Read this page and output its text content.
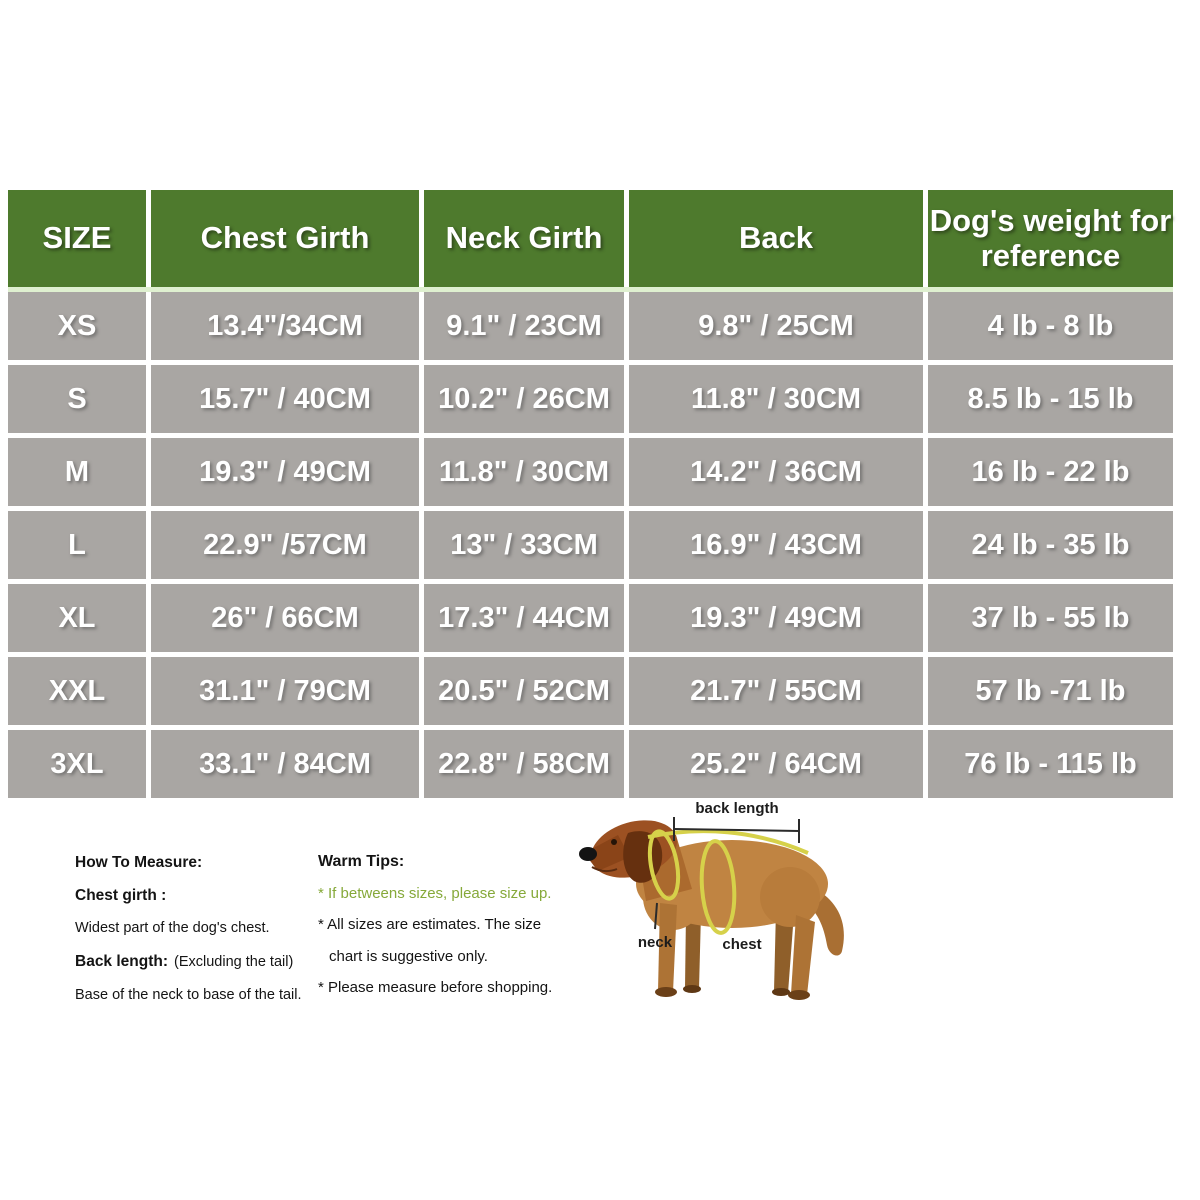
SIZE	Chest Girth	Neck Girth	Back	Dog's weight for reference
XS	13.4"/34CM	9.1" / 23CM	9.8" / 25CM	4 lb - 8 lb
S	15.7" / 40CM	10.2" / 26CM	11.8" / 30CM	8.5 lb - 15 lb
M	19.3" / 49CM	11.8" / 30CM	14.2" / 36CM	16 lb - 22 lb
L	22.9" /57CM	13" / 33CM	16.9" / 43CM	24 lb - 35 lb
XL	26" / 66CM	17.3" / 44CM	19.3" / 49CM	37 lb - 55 lb
XXL	31.1" / 79CM	20.5" / 52CM	21.7" / 55CM	57 lb -71 lb
3XL	33.1" / 84CM	22.8" / 58CM	25.2" / 64CM	76 lb - 115 lb
How To Measure:
Chest girth :
Widest part of the dog's chest.
Back length: (Excluding the tail)
Base of the neck to base of the tail.
Warm Tips:
* If betweens sizes, please size up.
* All sizes are estimates. The size
chart is suggestive only.
* Please measure before shopping.
back length
neck	chest
